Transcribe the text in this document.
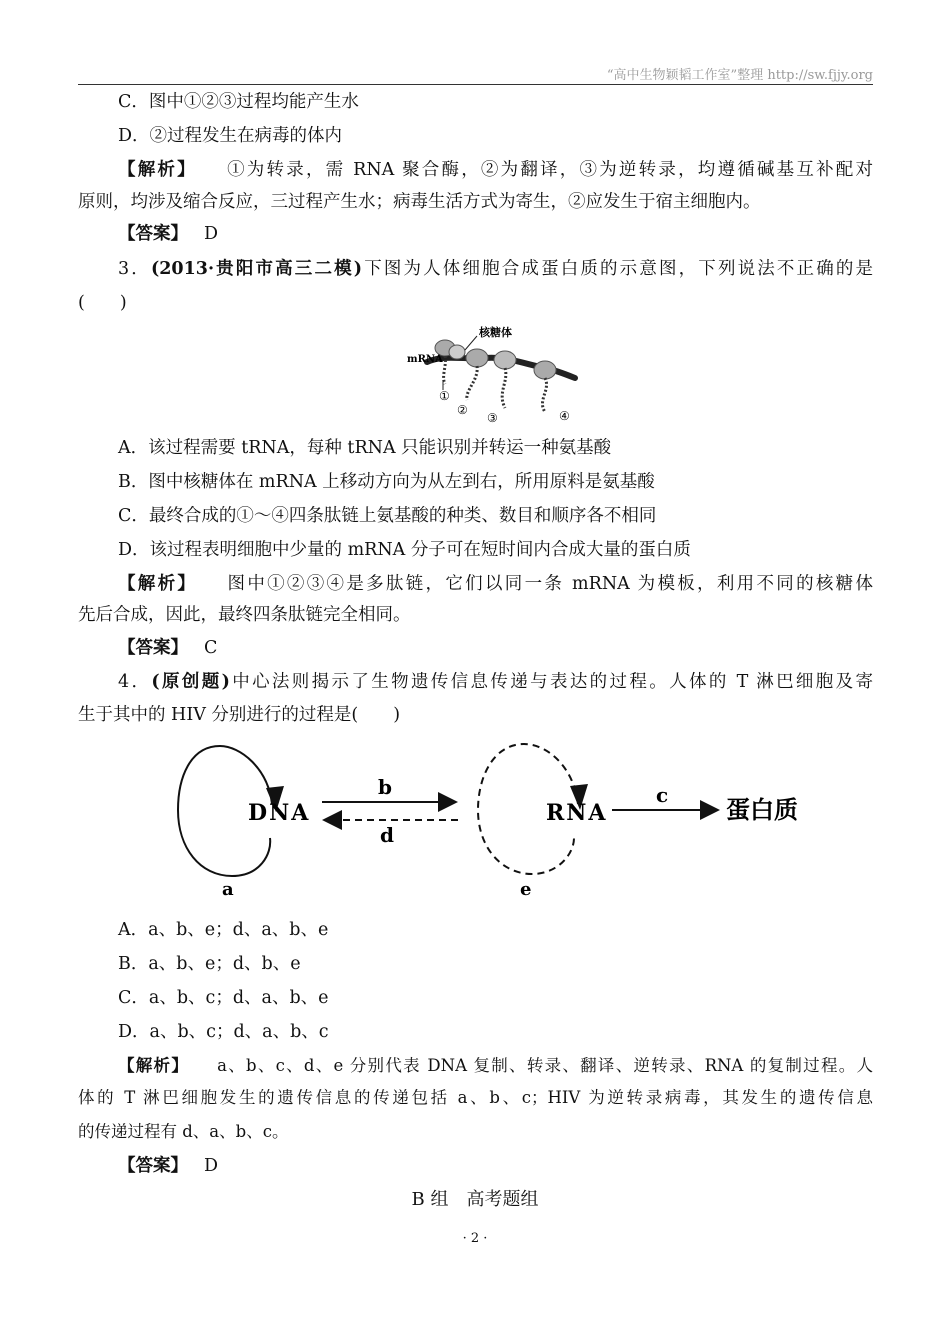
“高中生物颖韬工作室”整理 http://sw.fjjy.org
C．图中①②③过程均能产生水
D．②过程发生在病毒的体内
【解析】 ①为转录，需 RNA 聚合酶，②为翻译，③为逆转录，均遵循碱基互补配对
原则，均涉及缩合反应，三过程产生水；病毒生活方式为寄生，②应发生于宿主细胞内。
【答案】 D
3．(2013·贵阳市高三二模)下图为人体细胞合成蛋白质的示意图，下列说法不正确的是
(　　)
核糖体
mRNA
①
②
③	④
A．该过程需要 tRNA，每种 tRNA 只能识别并转运一种氨基酸
B．图中核糖体在 mRNA 上移动方向为从左到右，所用原料是氨基酸
C．最终合成的①～④四条肽链上氨基酸的种类、数目和顺序各不相同
D．该过程表明细胞中少量的 mRNA 分子可在短时间内合成大量的蛋白质
【解析】 图中①②③④是多肽链，它们以同一条 mRNA 为模板，利用不同的核糖体
先后合成，因此，最终四条肽链完全相同。
【答案】 C
4．(原创题)中心法则揭示了生物遗传信息传递与表达的过程。人体的 T 淋巴细胞及寄
生于其中的 HIV 分别进行的过程是(　　)
DNA
a
b
d
RNA
e
c 蛋白质
A．a、b、e；d、a、b、e
B．a、b、e；d、b、e
C．a、b、c；d、a、b、e
D．a、b、c；d、a、b、c
【解析】 a、b、c、d、e 分别代表 DNA 复制、转录、翻译、逆转录、RNA 的复制过程。人
体的 T 淋巴细胞发生的遗传信息的传递包括 a、b、c；HIV 为逆转录病毒，其发生的遗传信息
的传递过程有 d、a、b、c。
【答案】 D
B 组　高考题组
· 2 ·
